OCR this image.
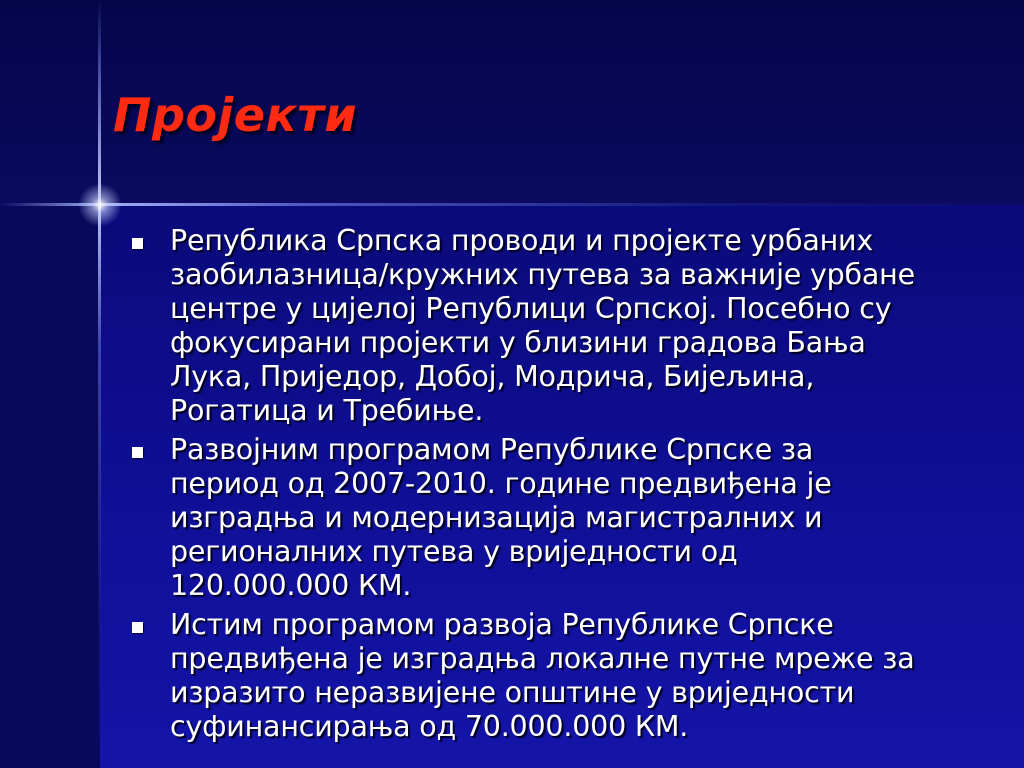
Пројекти
Република Српска проводи и пројекте урбаних
заобилазница/кружних путева за важније урбане
центре у цијелој Републици Српској. Посебно су
фокусирани пројекти у близини градова Бања
Лука, Приједор, Добој, Модрича, Бијељина,
Рогатица и Требиње.
Развојним програмом Републике Српске за
период од 2007-2010. године предвиђена је
изградња и модернизација магистралних и
регионалних путева у вриједности од
120.000.000 КМ.
Истим програмом развоја Републике Српске
предвиђена је изградња локалне путне мреже за
изразито неразвијене општине у вриједности
суфинансирања од 70.000.000 КМ.
